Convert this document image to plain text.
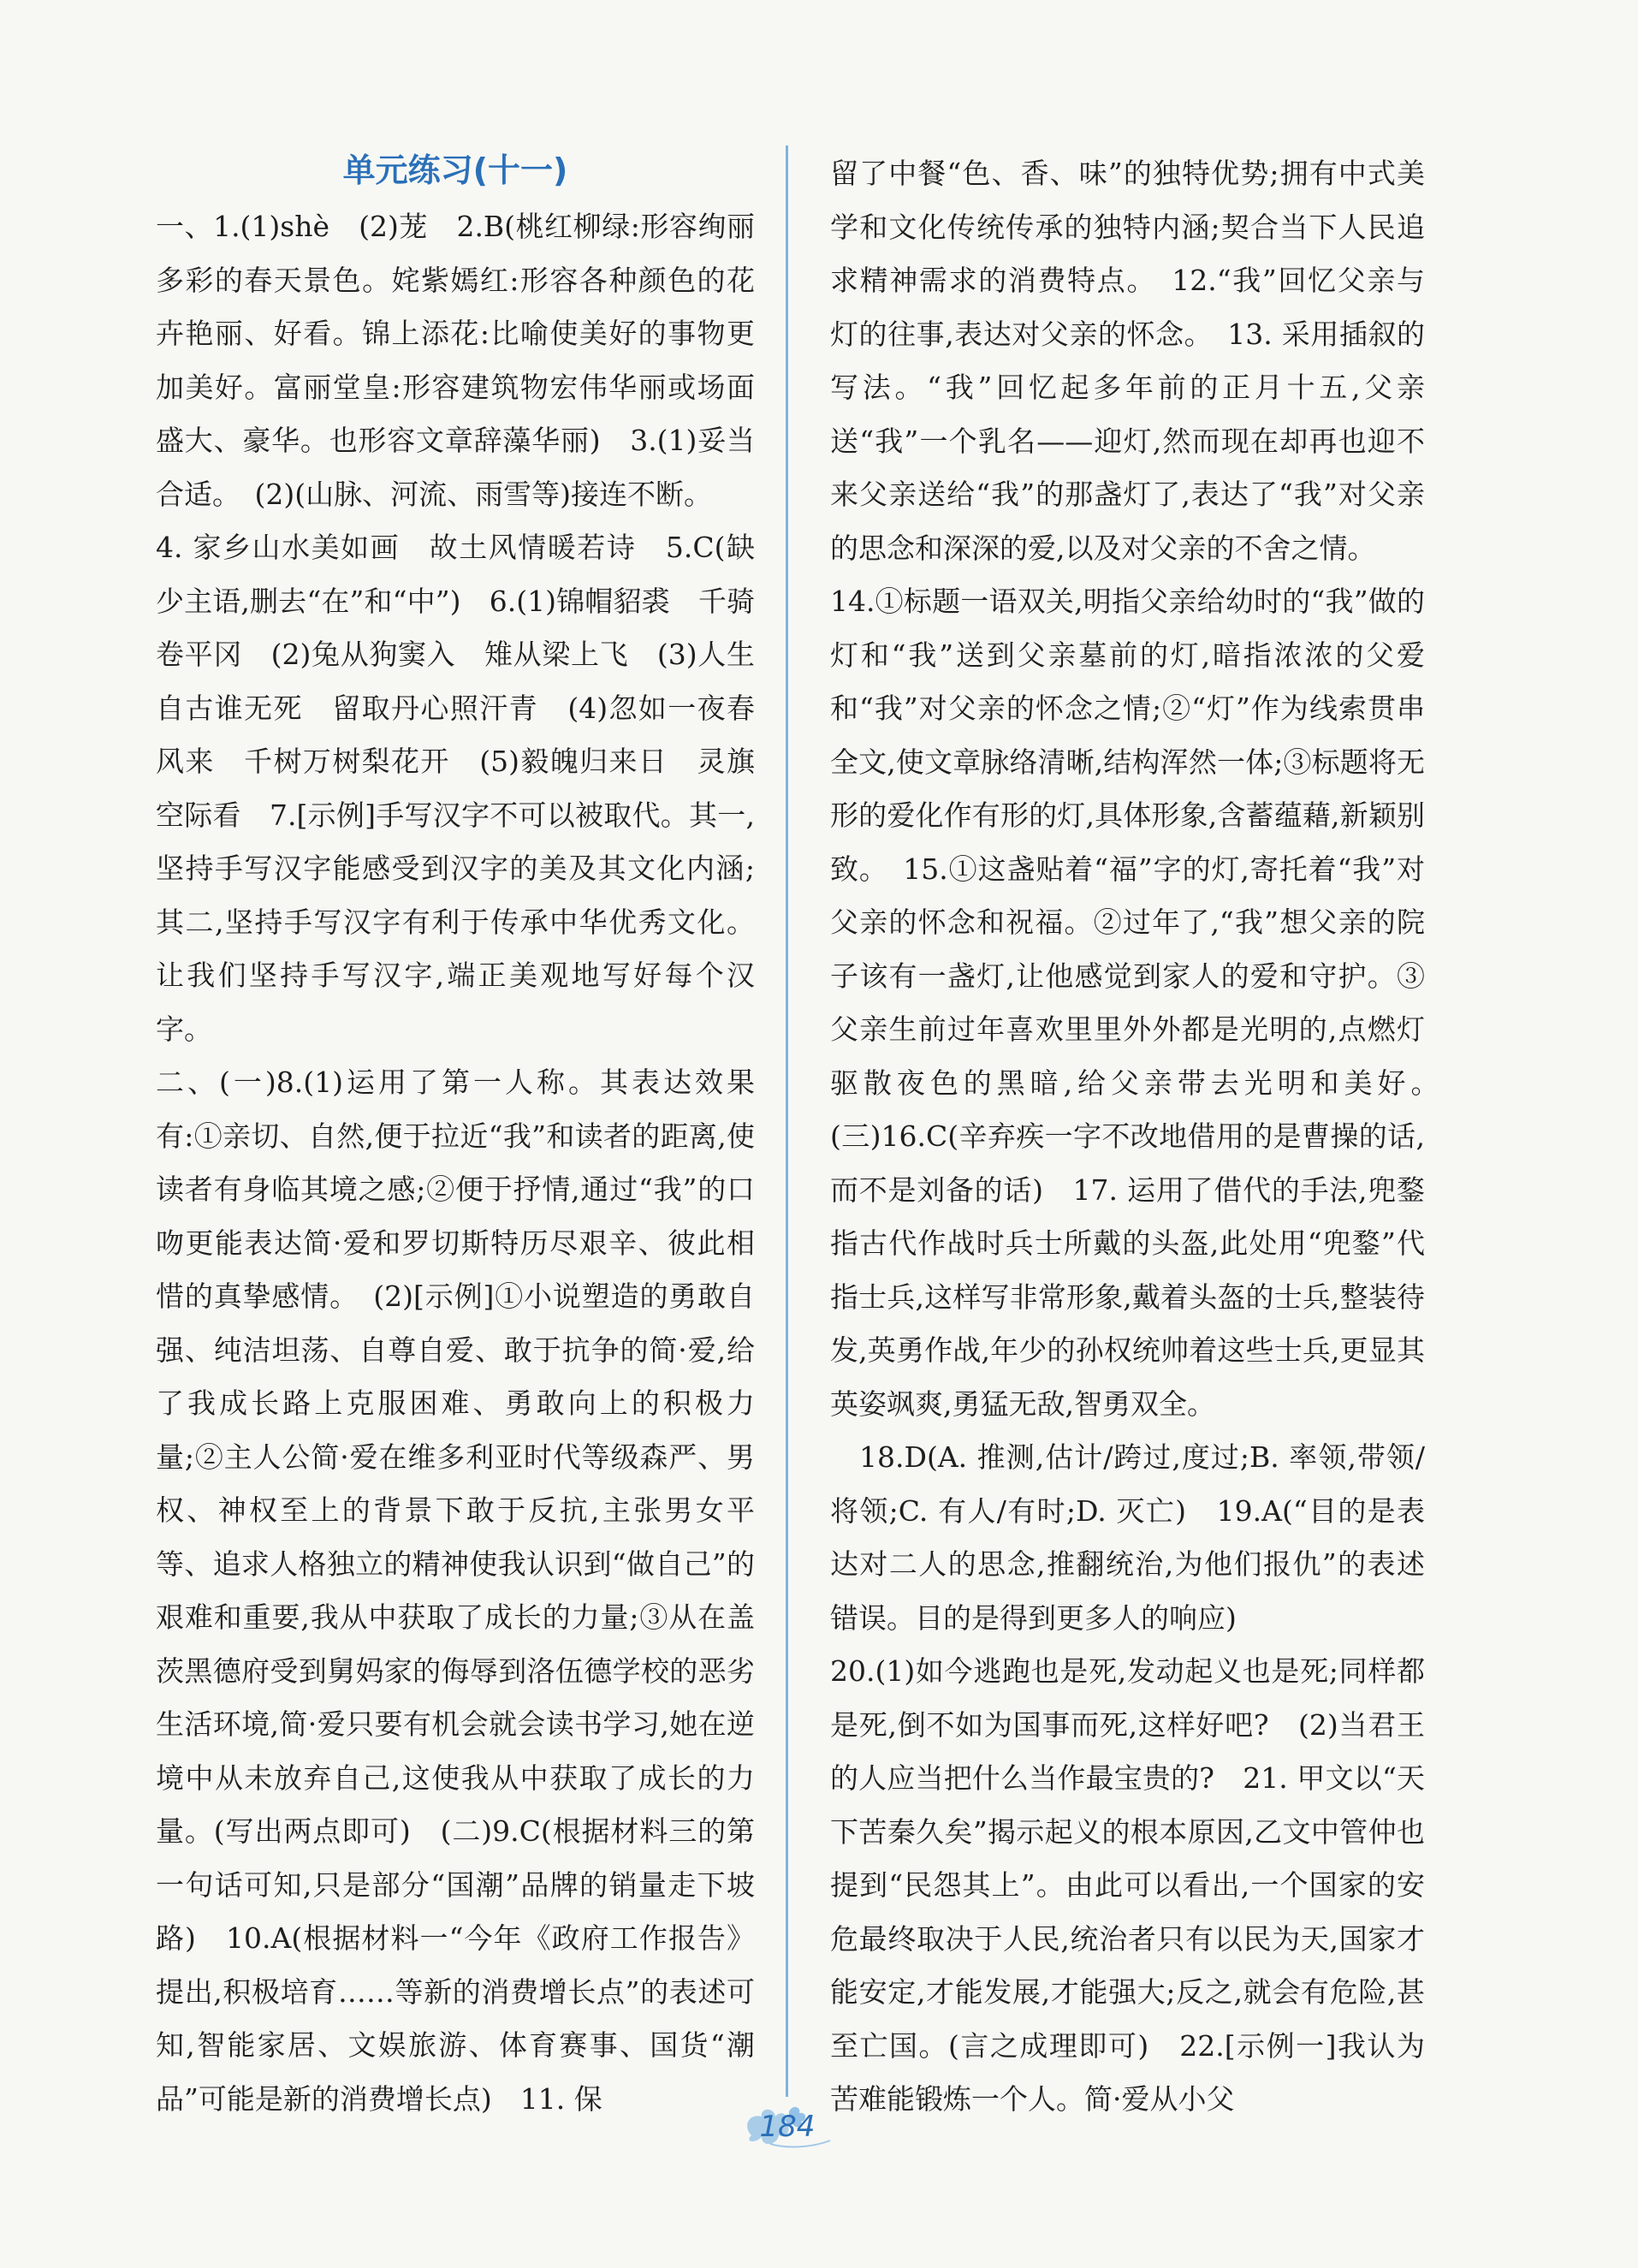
单元练习(十一)

一、1.(1)shè　(2)茏　2.B(桃红柳绿:形容绚丽多彩的春天景色。姹紫嫣红:形容各种颜色的花卉艳丽、好看。锦上添花:比喻使美好的事物更加美好。富丽堂皇:形容建筑物宏伟华丽或场面盛大、豪华。也形容文章辞藻华丽)　3.(1)妥当合适。　(2)(山脉、河流、雨雪等)接连不断。

4. 家乡山水美如画　故土风情暖若诗　5.C(缺少主语,删去“在”和“中”)　6.(1)锦帽貂裘　千骑卷平冈　(2)兔从狗窦入　雉从梁上飞　(3)人生自古谁无死　留取丹心照汗青　(4)忽如一夜春风来　千树万树梨花开　(5)毅魄归来日　灵旗空际看　7.[示例]手写汉字不可以被取代。其一,坚持手写汉字能感受到汉字的美及其文化内涵;其二,坚持手写汉字有利于传承中华优秀文化。让我们坚持手写汉字,端正美观地写好每个汉字。

二、(一)8.(1)运用了第一人称。其表达效果有:①亲切、自然,便于拉近“我”和读者的距离,使读者有身临其境之感;②便于抒情,通过“我”的口吻更能表达简·爱和罗切斯特历尽艰辛、彼此相惜的真挚感情。　(2)[示例]①小说塑造的勇敢自强、纯洁坦荡、自尊自爱、敢于抗争的简·爱,给了我成长路上克服困难、勇敢向上的积极力量;②主人公简·爱在维多利亚时代等级森严、男权、神权至上的背景下敢于反抗,主张男女平等、追求人格独立的精神使我认识到“做自己”的艰难和重要,我从中获取了成长的力量;③从在盖茨黑德府受到舅妈家的侮辱到洛伍德学校的恶劣生活环境,简·爱只要有机会就会读书学习,她在逆境中从未放弃自己,这使我从中获取了成长的力量。(写出两点即可)　(二)9.C(根据材料三的第一句话可知,只是部分“国潮”品牌的销量走下坡路)　10.A(根据材料一“今年《政府工作报告》提出,积极培育……等新的消费增长点”的表述可知,智能家居、文娱旅游、体育赛事、国货“潮品”可能是新的消费增长点)　11. 保

留了中餐“色、香、味”的独特优势;拥有中式美学和文化传统传承的独特内涵;契合当下人民追求精神需求的消费特点。　12.“我”回忆父亲与灯的往事,表达对父亲的怀念。　13. 采用插叙的写法。“我”回忆起多年前的正月十五,父亲送“我”一个乳名——迎灯,然而现在却再也迎不来父亲送给“我”的那盏灯了,表达了“我”对父亲的思念和深深的爱,以及对父亲的不舍之情。

14.①标题一语双关,明指父亲给幼时的“我”做的灯和“我”送到父亲墓前的灯,暗指浓浓的父爱和“我”对父亲的怀念之情;②“灯”作为线索贯串全文,使文章脉络清晰,结构浑然一体;③标题将无形的爱化作有形的灯,具体形象,含蓄蕴藉,新颖别致。　15.①这盏贴着“福”字的灯,寄托着“我”对父亲的怀念和祝福。②过年了,“我”想父亲的院子该有一盏灯,让他感觉到家人的爱和守护。③父亲生前过年喜欢里里外外都是光明的,点燃灯驱散夜色的黑暗,给父亲带去光明和美好。　(三)16.C(辛弃疾一字不改地借用的是曹操的话,而不是刘备的话)　17. 运用了借代的手法,兜鍪指古代作战时兵士所戴的头盔,此处用“兜鍪”代指士兵,这样写非常形象,戴着头盔的士兵,整装待发,英勇作战,年少的孙权统帅着这些士兵,更显其英姿飒爽,勇猛无敌,智勇双全。

　18.D(A. 推测,估计/跨过,度过;B. 率领,带领/将领;C. 有人/有时;D. 灭亡)　19.A(“目的是表达对二人的思念,推翻统治,为他们报仇”的表述错误。目的是得到更多人的响应)

20.(1)如今逃跑也是死,发动起义也是死;同样都是死,倒不如为国事而死,这样好吧?　(2)当君王的人应当把什么当作最宝贵的?　21. 甲文以“天下苦秦久矣”揭示起义的根本原因,乙文中管仲也提到“民怨其上”。由此可以看出,一个国家的安危最终取决于人民,统治者只有以民为天,国家才能安定,才能发展,才能强大;反之,就会有危险,甚至亡国。(言之成理即可)　22.[示例一]我认为苦难能锻炼一个人。简·爱从小父

184
